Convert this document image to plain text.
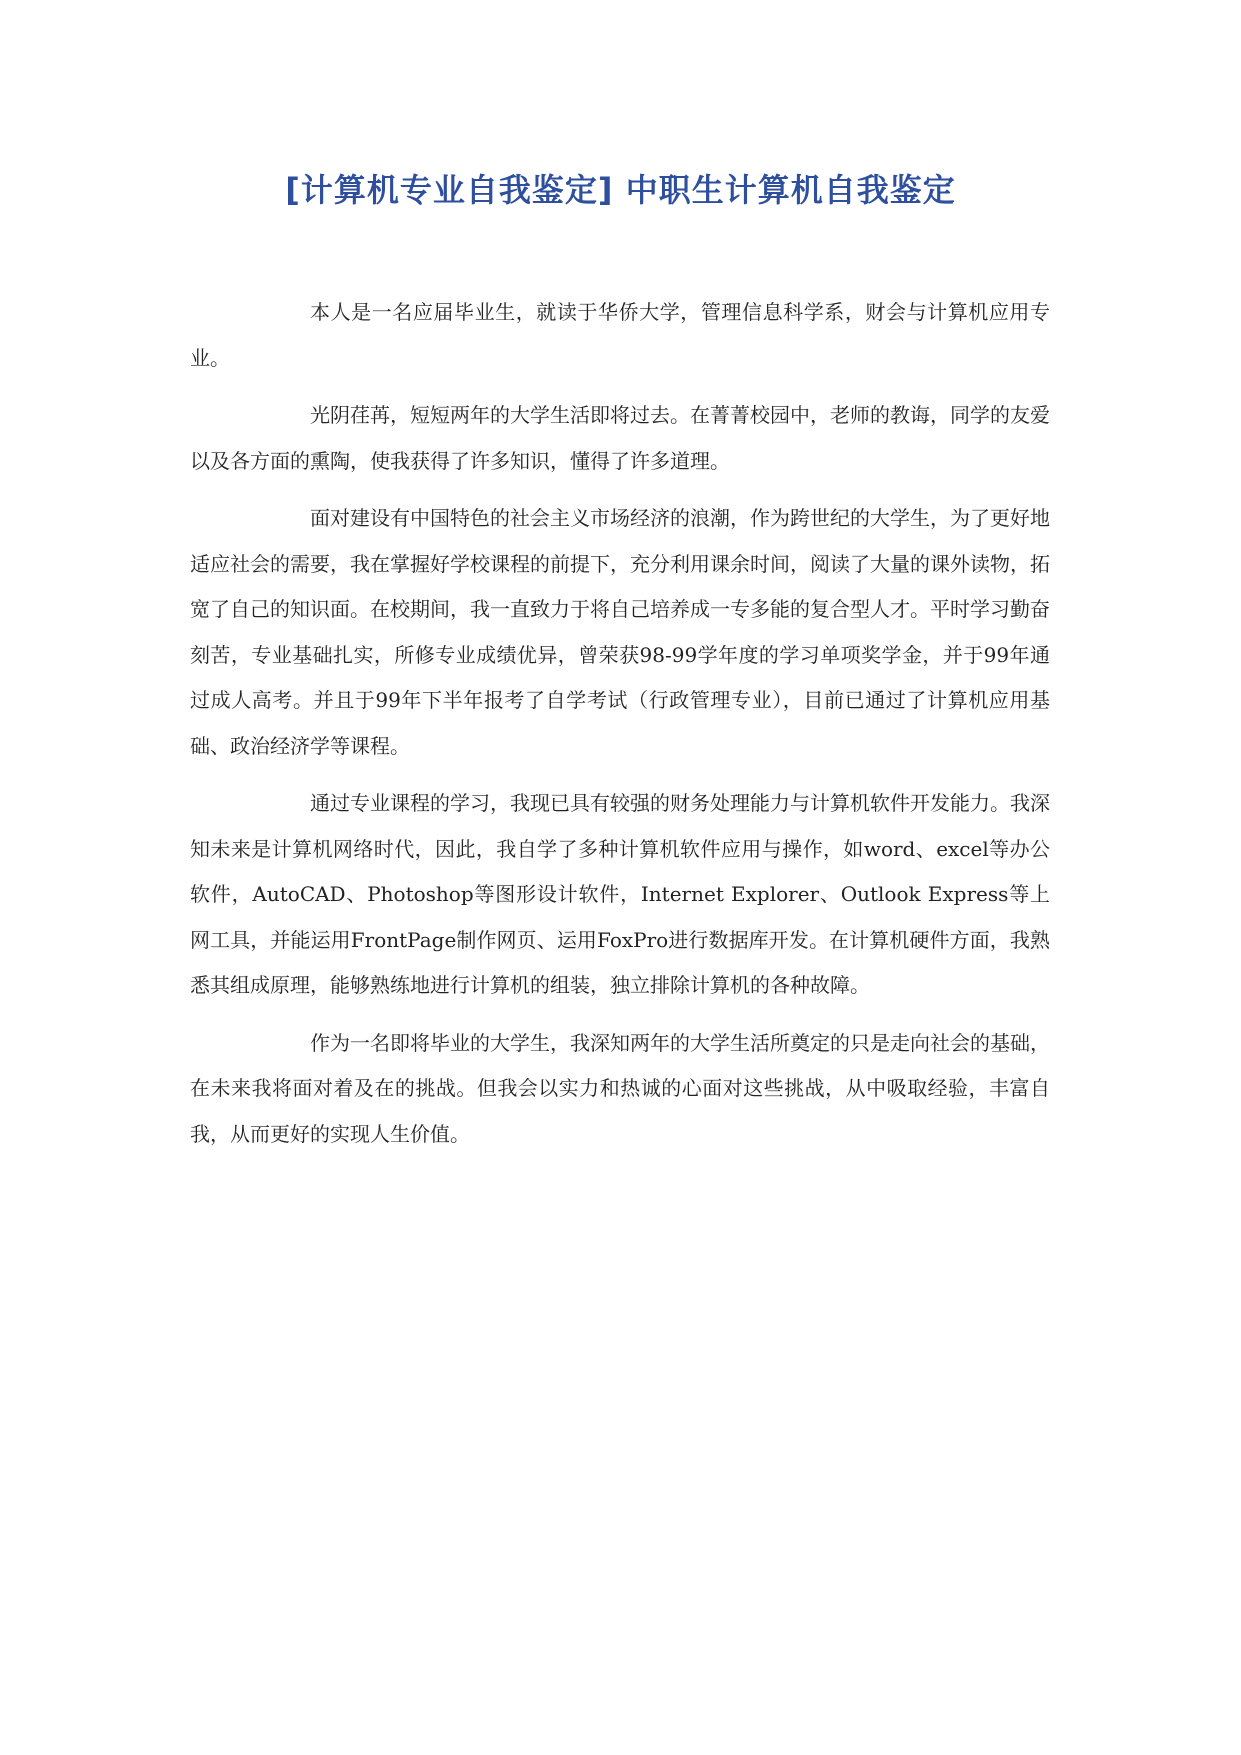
[计算机专业自我鉴定] 中职生计算机自我鉴定

本人是一名应届毕业生，就读于华侨大学，管理信息科学系，财会与计算机应用专业。

光阴荏苒，短短两年的大学生活即将过去。在菁菁校园中，老师的教诲，同学的友爱以及各方面的熏陶，使我获得了许多知识，懂得了许多道理。

面对建设有中国特色的社会主义市场经济的浪潮，作为跨世纪的大学生，为了更好地适应社会的需要，我在掌握好学校课程的前提下，充分利用课余时间，阅读了大量的课外读物，拓宽了自己的知识面。在校期间，我一直致力于将自己培养成一专多能的复合型人才。平时学习勤奋刻苦，专业基础扎实，所修专业成绩优异，曾荣获98-99学年度的学习单项奖学金，并于99年通过成人高考。并且于99年下半年报考了自学考试（行政管理专业），目前已通过了计算机应用基础、政治经济学等课程。

通过专业课程的学习，我现已具有较强的财务处理能力与计算机软件开发能力。我深知未来是计算机网络时代，因此，我自学了多种计算机软件应用与操作，如word、excel等办公软件，AutoCAD、Photoshop等图形设计软件，Internet Explorer、Outlook Express等上网工具，并能运用FrontPage制作网页、运用FoxPro进行数据库开发。在计算机硬件方面，我熟悉其组成原理，能够熟练地进行计算机的组装，独立排除计算机的各种故障。

作为一名即将毕业的大学生，我深知两年的大学生活所奠定的只是走向社会的基础，在未来我将面对着及在的挑战。但我会以实力和热诚的心面对这些挑战，从中吸取经验，丰富自我，从而更好的实现人生价值。
